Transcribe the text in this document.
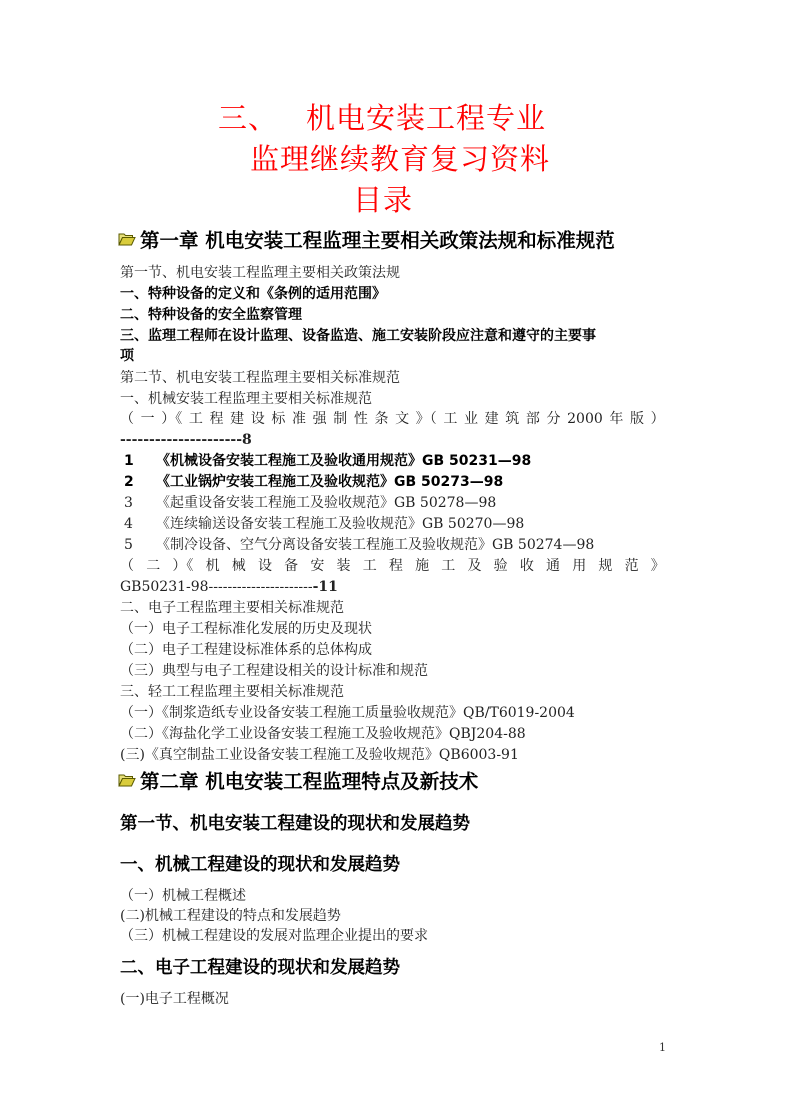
三、 机电安装工程专业
监理继续教育复习资料
目录
第一章 机电安装工程监理主要相关政策法规和标准规范
第一节、机电安装工程监理主要相关政策法规
一、特种设备的定义和《条例的适用范围》
二、特种设备的安全监察管理
三、监理工程师在设计监理、设备监造、施工安装阶段应注意和遵守的主要事
项
第二节、机电安装工程监理主要相关标准规范
一、机械安装工程监理主要相关标准规范
（ 一 ）《 工 程 建 设 标 准 强 制 性 条 文 》（ 工 业 建 筑 部 分 2000 年 版 ）
---------------------8
1 《机械设备安装工程施工及验收通用规范》GB 50231—98
2 《工业锅炉安装工程施工及验收规范》GB 50273—98
3 《起重设备安装工程施工及验收规范》GB 50278—98
4 《连续输送设备安装工程施工及验收规范》GB 50270—98
5 《制冷设备、空气分离设备安装工程施工及验收规范》GB 50274—98
（ 二 ）《 机 械 设 备 安 装 工 程 施 工 及 验 收 通 用 规 范 》
GB50231-98-----------------------11
二、电子工程监理主要相关标准规范
（一）电子工程标准化发展的历史及现状
（二）电子工程建设标准体系的总体构成
（三）典型与电子工程建设相关的设计标准和规范
三、轻工工程监理主要相关标准规范
（一）《制浆造纸专业设备安装工程施工质量验收规范》QB/T6019-2004
（二）《海盐化学工业设备安装工程施工及验收规范》QBJ204-88
(三)《真空制盐工业设备安装工程施工及验收规范》QB6003-91
第二章 机电安装工程监理特点及新技术
第一节、机电安装工程建设的现状和发展趋势
一、机械工程建设的现状和发展趋势
（一）机械工程概述
(二)机械工程建设的特点和发展趋势
（三）机械工程建设的发展对监理企业提出的要求
二、电子工程建设的现状和发展趋势
(一)电子工程概况
1
